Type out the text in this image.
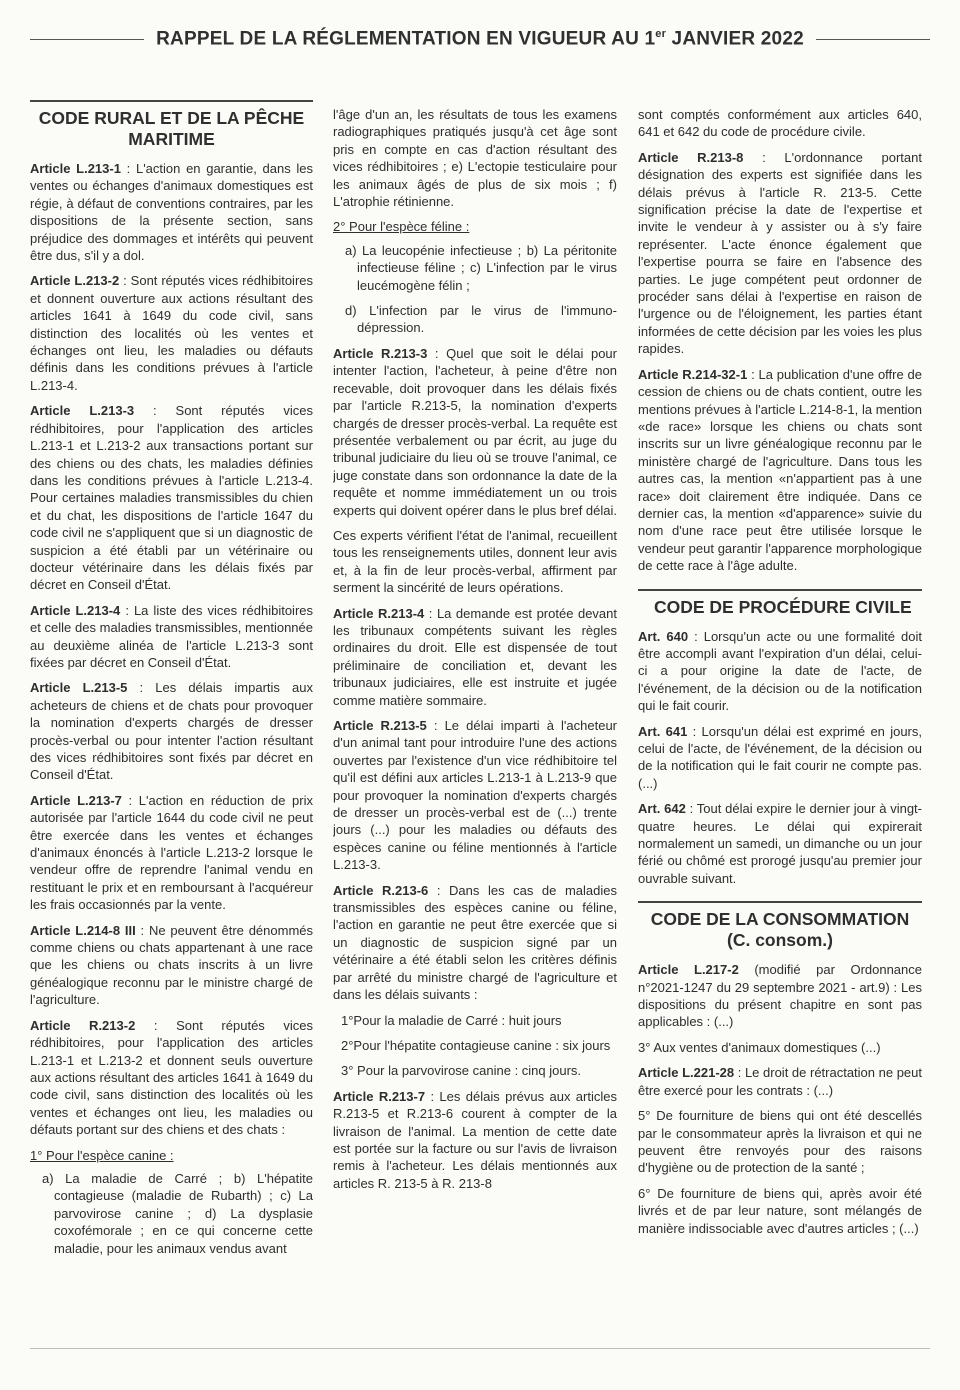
RAPPEL DE LA RÉGLEMENTATION EN VIGUEUR AU 1er JANVIER 2022
CODE RURAL ET DE LA PÊCHE MARITIME

Article L.213-1 : L'action en garantie, dans les ventes ou échanges d'animaux domestiques est régie, à défaut de conventions contraires, par les dispositions de la présente section, sans préjudice des dommages et intérêts qui peuvent être dus, s'il y a dol.

Article L.213-2 : Sont réputés vices rédhibitoires et donnent ouverture aux actions résultant des articles 1641 à 1649 du code civil, sans distinction des localités où les ventes et échanges ont lieu, les maladies ou défauts définis dans les conditions prévues à l'article L.213-4.

Article L.213-3 : Sont réputés vices rédhibitoires, pour l'application des articles L.213-1 et L.213-2 aux transactions portant sur des chiens ou des chats, les maladies définies dans les conditions prévues à l'article L.213-4. Pour certaines maladies transmissibles du chien et du chat, les dispositions de l'article 1647 du code civil ne s'appliquent que si un diagnostic de suspicion a été établi par un vétérinaire ou docteur vétérinaire dans les délais fixés par décret en Conseil d'État.

Article L.213-4 : La liste des vices rédhibitoires et celle des maladies transmissibles, mentionnée au deuxième alinéa de l'article L.213-3 sont fixées par décret en Conseil d'État.

Article L.213-5 : Les délais impartis aux acheteurs de chiens et de chats pour provoquer la nomination d'experts chargés de dresser procès-verbal ou pour intenter l'action résultant des vices rédhibitoires sont fixés par décret en Conseil d'État.

Article L.213-7 : L'action en réduction de prix autorisée par l'article 1644 du code civil ne peut être exercée dans les ventes et échanges d'animaux énoncés à l'article L.213-2 lorsque le vendeur offre de reprendre l'animal vendu en restituant le prix et en remboursant à l'acquéreur les frais occasionnés par la vente.

Article L.214-8 III : Ne peuvent être dénommés comme chiens ou chats appartenant à une race que les chiens ou chats inscrits à un livre généalogique reconnu par le ministre chargé de l'agriculture.

Article R.213-2 : Sont réputés vices rédhibitoires, pour l'application des articles L.213-1 et L.213-2 et donnent seuls ouverture aux actions résultant des articles 1641 à 1649 du code civil, sans distinction des localités où les ventes et échanges ont lieu, les maladies ou défauts portant sur des chiens et des chats :

1° Pour l'espèce canine :

a) La maladie de Carré ; b) L'hépatite contagieuse (maladie de Rubarth) ; c) La parvovirose canine ; d) La dysplasie coxofémorale ; en ce qui concerne cette maladie, pour les animaux vendus avant

l'âge d'un an, les résultats de tous les examens radiographiques pratiqués jusqu'à cet âge sont pris en compte en cas d'action résultant des vices rédhibitoires ; e) L'ectopie testiculaire pour les animaux âgés de plus de six mois ; f) L'atrophie rétinienne.

2° Pour l'espèce féline :

a) La leucopénie infectieuse ; b) La péritonite infectieuse féline ; c) L'infection par le virus leucémogène félin ;

d) L'infection par le virus de l'immuno-dépression.

Article R.213-3 : Quel que soit le délai pour intenter l'action, l'acheteur, à peine d'être non recevable, doit provoquer dans les délais fixés par l'article R.213-5, la nomination d'experts chargés de dresser procès-verbal. La requête est présentée verbalement ou par écrit, au juge du tribunal judiciaire du lieu où se trouve l'animal, ce juge constate dans son ordonnance la date de la requête et nomme immédiatement un ou trois experts qui doivent opérer dans le plus bref délai.

Ces experts vérifient l'état de l'animal, recueillent tous les renseignements utiles, donnent leur avis et, à la fin de leur procès-verbal, affirment par serment la sincérité de leurs opérations.

Article R.213-4 : La demande est protée devant les tribunaux compétents suivant les règles ordinaires du droit. Elle est dispensée de tout préliminaire de conciliation et, devant les tribunaux judiciaires, elle est instruite et jugée comme matière sommaire.

Article R.213-5 : Le délai imparti à l'acheteur d'un animal tant pour introduire l'une des actions ouvertes par l'existence d'un vice rédhibitoire tel qu'il est défini aux articles L.213-1 à L.213-9 que pour provoquer la nomination d'experts chargés de dresser un procès-verbal est de (...) trente jours (...) pour les maladies ou défauts des espèces canine ou féline mentionnés à l'article L.213-3.

Article R.213-6 : Dans les cas de maladies transmissibles des espèces canine ou féline, l'action en garantie ne peut être exercée que si un diagnostic de suspicion signé par un vétérinaire a été établi selon les critères définis par arrêté du ministre chargé de l'agriculture et dans les délais suivants :

1°Pour la maladie de Carré : huit jours

2°Pour l'hépatite contagieuse canine : six jours

3° Pour la parvovirose canine : cinq jours.

Article R.213-7 : Les délais prévus aux articles R.213-5 et R.213-6 courent à compter de la livraison de l'animal. La mention de cette date est portée sur la facture ou sur l'avis de livraison remis à l'acheteur. Les délais mentionnés aux articles R. 213-5 à R. 213-8

sont comptés conformément aux articles 640, 641 et 642 du code de procédure civile.

Article R.213-8 : L'ordonnance portant désignation des experts est signifiée dans les délais prévus à l'article R. 213-5. Cette signification précise la date de l'expertise et invite le vendeur à y assister ou à s'y faire représenter. L'acte énonce également que l'expertise pourra se faire en l'absence des parties. Le juge compétent peut ordonner de procéder sans délai à l'expertise en raison de l'urgence ou de l'éloignement, les parties étant informées de cette décision par les voies les plus rapides.

Article R.214-32-1 : La publication d'une offre de cession de chiens ou de chats contient, outre les mentions prévues à l'article L.214-8-1, la mention «de race» lorsque les chiens ou chats sont inscrits sur un livre généalogique reconnu par le ministère chargé de l'agriculture. Dans tous les autres cas, la mention «n'appartient pas à une race» doit clairement être indiquée. Dans ce dernier cas, la mention «d'apparence» suivie du nom d'une race peut être utilisée lorsque le vendeur peut garantir l'apparence morphologique de cette race à l'âge adulte.

CODE DE PROCÉDURE CIVILE

Art. 640 : Lorsqu'un acte ou une formalité doit être accompli avant l'expiration d'un délai, celui-ci a pour origine la date de l'acte, de l'événement, de la décision ou de la notification qui le fait courir.

Art. 641 : Lorsqu'un délai est exprimé en jours, celui de l'acte, de l'événement, de la décision ou de la notification qui le fait courir ne compte pas. (...)

Art. 642 : Tout délai expire le dernier jour à vingt-quatre heures. Le délai qui expirerait normalement un samedi, un dimanche ou un jour férié ou chômé est prorogé jusqu'au premier jour ouvrable suivant.

CODE DE LA CONSOMMATION (C. consom.)

Article L.217-2 (modifié par Ordonnance n°2021-1247 du 29 septembre 2021 - art.9) : Les dispositions du présent chapitre en sont pas applicables : (...)

3° Aux ventes d'animaux domestiques (...)

Article L.221-28 : Le droit de rétractation ne peut être exercé pour les contrats : (...)

5° De fourniture de biens qui ont été descellés par le consommateur après la livraison et qui ne peuvent être renvoyés pour des raisons d'hygiène ou de protection de la santé ;

6° De fourniture de biens qui, après avoir été livrés et de par leur nature, sont mélangés de manière indissociable avec d'autres articles ; (...)
